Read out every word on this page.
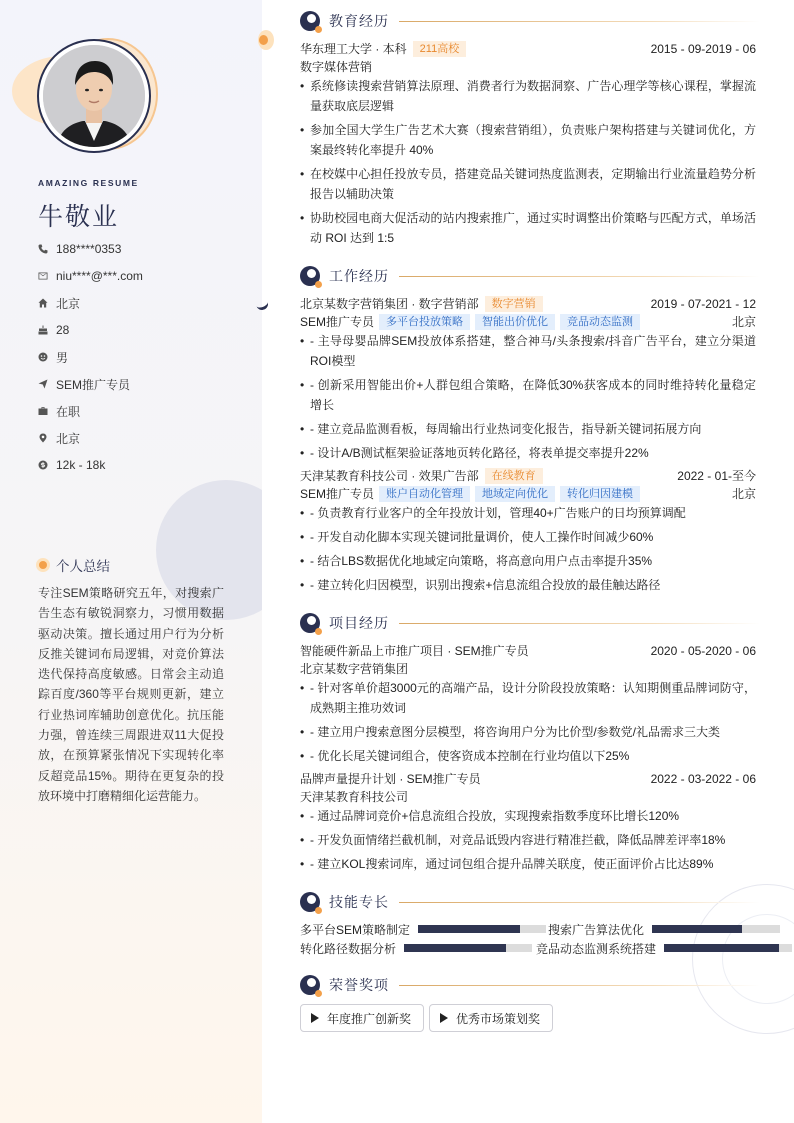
AMAZING RESUME
牛敬业
188****0353
niu****@***.com
北京
28
男
SEM推广专员
在职
北京
12k - 18k
个人总结
专注SEM策略研究五年，对搜索广告生态有敏锐洞察力，习惯用数据驱动决策。擅长通过用户行为分析反推关键词布局逻辑，对竞价算法迭代保持高度敏感。日常会主动追踪百度/360等平台规则更新，建立行业热词库辅助创意优化。抗压能力强，曾连续三周跟进双11大促投放，在预算紧张情况下实现转化率反超竞品15%。期待在更复杂的投放环境中打磨精细化运营能力。
教育经历
华东理工大学 · 本科	211高校	2015 - 09-2019 - 06
数字媒体营销
• 系统修读搜索营销算法原理、消费者行为数据洞察、广告心理学等核心课程，掌握流量获取底层逻辑
• 参加全国大学生广告艺术大赛（搜索营销组），负责账户架构搭建与关键词优化，方案最终转化率提升 40%
• 在校媒中心担任投放专员，搭建竞品关键词热度监测表，定期输出行业流量趋势分析报告以辅助决策
• 协助校园电商大促活动的站内搜索推广，通过实时调整出价策略与匹配方式，单场活动 ROI 达到 1:5
工作经历
北京某数字营销集团 · 数字营销部	数字营销	2019 - 07-2021 - 12
SEM推广专员	多平台投放策略	智能出价优化	竞品动态监测	北京
• - 主导母婴品牌SEM投放体系搭建，整合神马/头条搜索/抖音广告平台，建立分渠道ROI模型
• - 创新采用智能出价+人群包组合策略，在降低30%获客成本的同时维持转化量稳定增长
• - 建立竞品监测看板，每周输出行业热词变化报告，指导新关键词拓展方向
• - 设计A/B测试框架验证落地页转化路径，将表单提交率提升22%
天津某教育科技公司 · 效果广告部	在线教育	2022 - 01-至今
SEM推广专员	账户自动化管理	地域定向优化	转化归因建模	北京
• - 负责教育行业客户的全年投放计划，管理40+广告账户的日均预算调配
• - 开发自动化脚本实现关键词批量调价，使人工操作时间减少60%
• - 结合LBS数据优化地域定向策略，将高意向用户点击率提升35%
• - 建立转化归因模型，识别出搜索+信息流组合投放的最佳触达路径
项目经历
智能硬件新品上市推广项目 · SEM推广专员	2020 - 05-2020 - 06
北京某数字营销集团
• - 针对客单价超3000元的高端产品，设计分阶段投放策略：认知期侧重品牌词防守，成熟期主推功效词
• - 建立用户搜索意图分层模型，将咨询用户分为比价型/参数党/礼品需求三大类
• - 优化长尾关键词组合，使客资成本控制在行业均值以下25%
品牌声量提升计划 · SEM推广专员	2022 - 03-2022 - 06
天津某教育科技公司
• - 通过品牌词竞价+信息流组合投放，实现搜索指数季度环比增长120%
• - 开发负面情绪拦截机制，对竞品诋毁内容进行精准拦截，降低品牌差评率18%
• - 建立KOL搜索词库，通过词包组合提升品牌关联度，使正面评价占比达89%
技能专长
多平台SEM策略制定	搜索广告算法优化
转化路径数据分析	竞品动态监测系统搭建
荣誉奖项
年度推广创新奖	优秀市场策划奖
